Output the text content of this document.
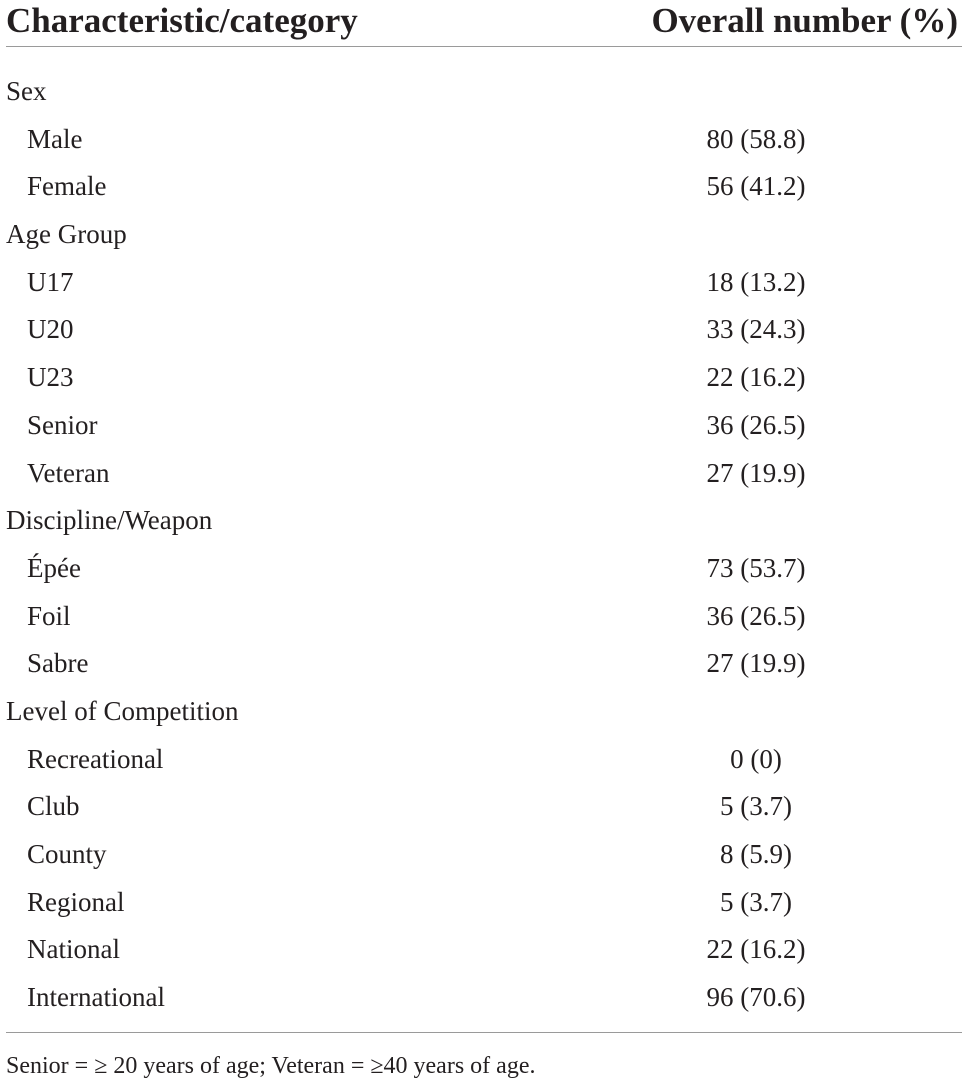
Characteristic/category	Overall number (%)
Sex
Male	80 (58.8)
Female	56 (41.2)
Age Group
U17	18 (13.2)
U20	33 (24.3)
U23	22 (16.2)
Senior	36 (26.5)
Veteran	27 (19.9)
Discipline/Weapon
Épée	73 (53.7)
Foil	36 (26.5)
Sabre	27 (19.9)
Level of Competition
Recreational	0 (0)
Club	5 (3.7)
County	8 (5.9)
Regional	5 (3.7)
National	22 (16.2)
International	96 (70.6)
Senior = ≥ 20 years of age; Veteran = ≥40 years of age.
